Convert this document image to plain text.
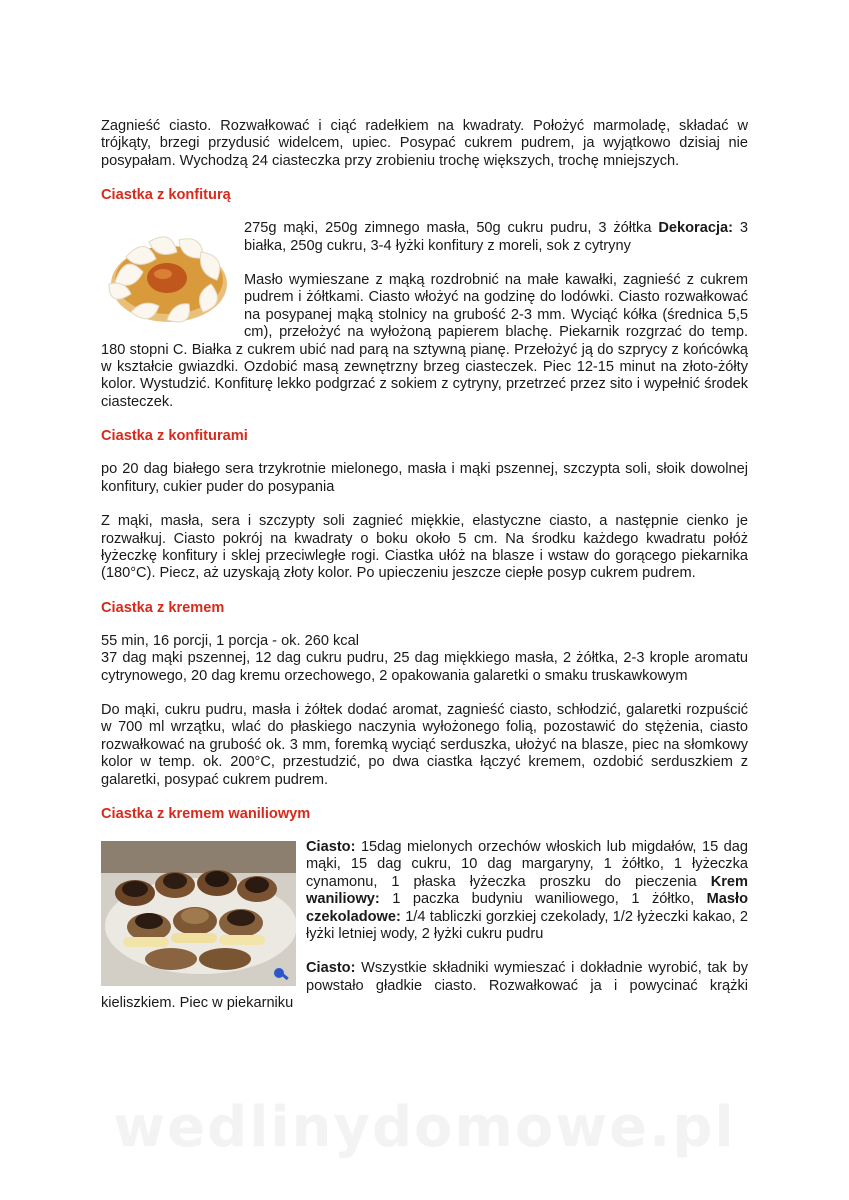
Zagnieść ciasto. Rozwałkować i ciąć radełkiem na kwadraty. Położyć marmoladę, składać w trójkąty, brzegi przydusić widelcem, upiec. Posypać cukrem pudrem, ja wyjątkowo dzisiaj nie posypałam. Wychodzą 24 ciasteczka przy zrobieniu trochę większych, trochę mniejszych.

Ciastka z konfiturą

275g mąki, 250g zimnego masła, 50g cukru pudru, 3 żółtka Dekoracja: 3 białka, 250g cukru, 3-4 łyżki konfitury z moreli, sok z cytryny

Masło wymieszane z mąką rozdrobnić na małe kawałki, zagnieść z cukrem pudrem i żółtkami. Ciasto włożyć na godzinę do lodówki. Ciasto rozwałkować na posypanej mąką stolnicy na grubość 2-3 mm. Wyciąć kółka (średnica 5,5 cm), przełożyć na wyłożoną papierem blachę. Piekarnik rozgrzać do temp. 180 stopni C. Białka z cukrem ubić nad parą na sztywną pianę. Przełożyć ją do szprycy z końcówką w kształcie gwiazdki. Ozdobić masą zewnętrzny brzeg ciasteczek. Piec 12-15 minut na złoto-żółty kolor. Wystudzić. Konfiturę lekko podgrzać z sokiem z cytryny, przetrzeć przez sito i wypełnić środek ciasteczek.

Ciastka z konfiturami

po 20 dag białego sera trzykrotnie mielonego, masła i mąki pszennej, szczypta soli, słoik dowolnej konfitury, cukier puder do posypania

Z mąki, masła, sera i szczypty soli zagnieć miękkie, elastyczne ciasto, a następnie cienko je rozwałkuj. Ciasto pokrój na kwadraty o boku około 5 cm. Na środku każdego kwadratu połóż łyżeczkę konfitury i sklej przeciwległe rogi. Ciastka ułóż na blasze i wstaw do gorącego piekarnika (180°C). Piecz, aż uzyskają złoty kolor. Po upieczeniu jeszcze ciepłe posyp cukrem pudrem.

Ciastka z kremem

55 min, 16 porcji, 1 porcja - ok. 260 kcal

37 dag mąki pszennej, 12 dag cukru pudru, 25 dag miękkiego masła, 2 żółtka, 2-3 krople aromatu cytrynowego, 20 dag kremu orzechowego, 2 opakowania galaretki o smaku truskawkowym

Do mąki, cukru pudru, masła i żółtek dodać aromat, zagnieść ciasto, schłodzić, galaretki rozpuścić w 700 ml wrzątku, wlać do płaskiego naczynia wyłożonego folią, pozostawić do stężenia, ciasto rozwałkować na grubość ok. 3 mm, foremką wyciąć serduszka, ułożyć na blasze, piec na słomkowy kolor w temp. ok. 200°C, przestudzić, po dwa ciastka łączyć kremem, ozdobić serduszkiem z galaretki, posypać cukrem pudrem.

Ciastka z kremem waniliowym

Ciasto: 15dag mielonych orzechów włoskich lub migdałów, 15 dag mąki, 15 dag cukru, 10 dag margaryny, 1 żółtko, 1 łyżeczka cynamonu, 1 płaska łyżeczka proszku do pieczenia Krem waniliowy: 1 paczka budyniu waniliowego, 1 żółtko, Masło czekoladowe: 1/4 tabliczki gorzkiej czekolady, 1/2 łyżeczki kakao, 2 łyżki letniej wody, 2 łyżki cukru pudru

Ciasto: Wszystkie składniki wymieszać i dokładnie wyrobić, tak by powstało gładkie ciasto. Rozwałkować ja i powycinać krążki kieliszkiem. Piec w piekarniku

wedlinydomowe.pl
